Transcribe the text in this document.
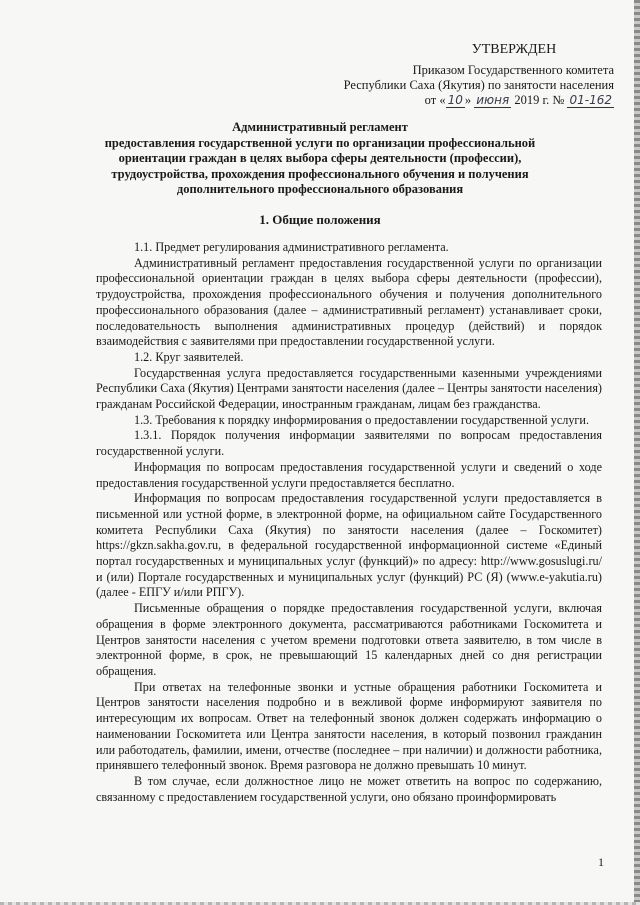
УТВЕРЖДЕН
Приказом Государственного комитета
Республики Саха (Якутия) по занятости населения
от « 10 » июня 2019 г. № 01-162
Административный регламент
предоставления государственной услуги по организации профессиональной
ориентации граждан в целях выбора сферы деятельности (профессии),
трудоустройства, прохождения профессионального обучения и получения
дополнительного профессионального образования
1. Общие положения

1.1. Предмет регулирования административного регламента.

Административный регламент предоставления государственной услуги по организации профессиональной ориентации граждан в целях выбора сферы деятельности (профессии), трудоустройства, прохождения профессионального обучения и получения дополнительного профессионального образования (далее – административный регламент) устанавливает сроки, последовательность выполнения административных процедур (действий) и порядок взаимодействия с заявителями при предоставлении государственной услуги.

1.2. Круг заявителей.

Государственная услуга предоставляется государственными казенными учреждениями Республики Саха (Якутия) Центрами занятости населения (далее – Центры занятости населения) гражданам Российской Федерации, иностранным гражданам, лицам без гражданства.

1.3. Требования к порядку информирования о предоставлении государственной услуги.

1.3.1. Порядок получения информации заявителями по вопросам предоставления государственной услуги.

Информация по вопросам предоставления государственной услуги и сведений о ходе предоставления государственной услуги предоставляется бесплатно.

Информация по вопросам предоставления государственной услуги предоставляется в письменной или устной форме, в электронной форме, на официальном сайте Государственного комитета Республики Саха (Якутия) по занятости населения (далее – Госкомитет) https://gkzn.sakha.gov.ru, в федеральной государственной информационной системе «Единый портал государственных и муниципальных услуг (функций)» по адресу: http://www.gosuslugi.ru/ и (или) Портале государственных и муниципальных услуг (функций) РС (Я) (www.e-yakutia.ru) (далее - ЕПГУ и/или РПГУ).

Письменные обращения о порядке предоставления государственной услуги, включая обращения в форме электронного документа, рассматриваются работниками Госкомитета и Центров занятости населения с учетом времени подготовки ответа заявителю, в том числе в электронной форме, в срок, не превышающий 15 календарных дней со дня регистрации обращения.

При ответах на телефонные звонки и устные обращения работники Госкомитета и Центров занятости населения подробно и в вежливой форме информируют заявителя по интересующим их вопросам. Ответ на телефонный звонок должен содержать информацию о наименовании Госкомитета или Центра занятости населения, в который позвонил гражданин или работодатель, фамилии, имени, отчестве (последнее – при наличии) и должности работника, принявшего телефонный звонок. Время разговора не должно превышать 10 минут.

В том случае, если должностное лицо не может ответить на вопрос по содержанию, связанному с предоставлением государственной услуги, оно обязано проинформировать

1
